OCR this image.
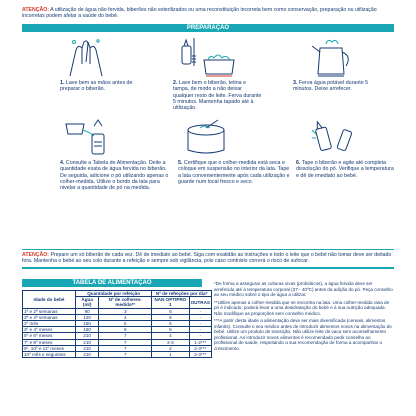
ATENÇÃO: A utilização de água não fervida, biberões não esterilizados ou uma reconstituição incorreta bem como conservação, preparação ou utilização incorretas podem afetar a saúde do bebé.
PREPARAÇÃO
1. Lave bem as mãos antes de preparar o biberão.
2. Lave bem o biberão, tetina e tampa, de modo a não deixar qualquer resto de leite. Ferva durante 5 minutos. Mantenha tapado até à utilização.
3. Ferva água potável durante 5 minutos. Deixe arrefecer.
4. Consulte a Tabela de Alimentação. Deite a quantidade exata de água fervida no biberão. De seguida, adicione o pó utilizando apenas o colher-medida. Utilize o bordo da lata para nivelar a quantidade de pó na medida.
5. Certifique que o colher-medida está seca e coloque em suspensão no interior da lata. Tape a lata convenientemente após cada utilização e guarde num local fresco e seco.
6. Tape o biberão e agite até completa dissolução do pó. Verifique a temperatura e dê de imediato ao bebé.
ATENÇÃO: Prepare um só biberão de cada vez. Dê de imediato ao bebé. Siga com exatidão as instruções e todo o leite que o bebé não tomar deve ser deitado fora. Mantenha o bebé ao seu colo durante a refeição e sempre sob vigilância, pois caso contrário correrá o risco de sufocar.
TABELA DE ALIMENTAÇÃO
Idade do bebé	Quantidade por refeição		Nº de refeições por dia*	
	Água (ml)	Nº de colheres-medida**	NAN OPTIPRO 1	OUTRAS
1ª e 2ª semanas	90	3	6	-
3ª e 4ª semanas	120	4	5	-
2º mês	150	5	5	-
3º e 4º meses	180	6	5	-
5º e 6º meses	210	7	4	-
7º e 8º meses	210	7	2-3	1-2***
9º, 10º e 11º meses	210	7	2	2-3***
10º mês e seguintes	210	7	1	2-3***

*De forma a assegurar as culturas vivas (probióticos), a água fervida deve ser arrefecida até à temperatura corporal (37 - 40ºC) antes da adição do pó. Peça conselho ao seu médico sobre o tipo de água a utilizar.

**Utilize apenas a colher-medida que se encontra na lata. Uma colher-medida rasa de pó é indicado; poderá levar a uma desidratação do bebé e à sua nutrição adequada. Não modifique as proporções sem conselho médico.

***A partir desta idade a alimentação deve ser mais diversificada (cereais, alimentos infantis). Consulte o seu médico antes de introduzir alimentos novos na alimentação do bebé. Utilize um produto de transição. Não utilize leite de vaca sem aconselhamento profissional. Ao introduzir novos alimentos é recomendado pedir conselho ao profissional de saúde, respeitando a sua recomendação de forma a acompanhar o crescimento.
